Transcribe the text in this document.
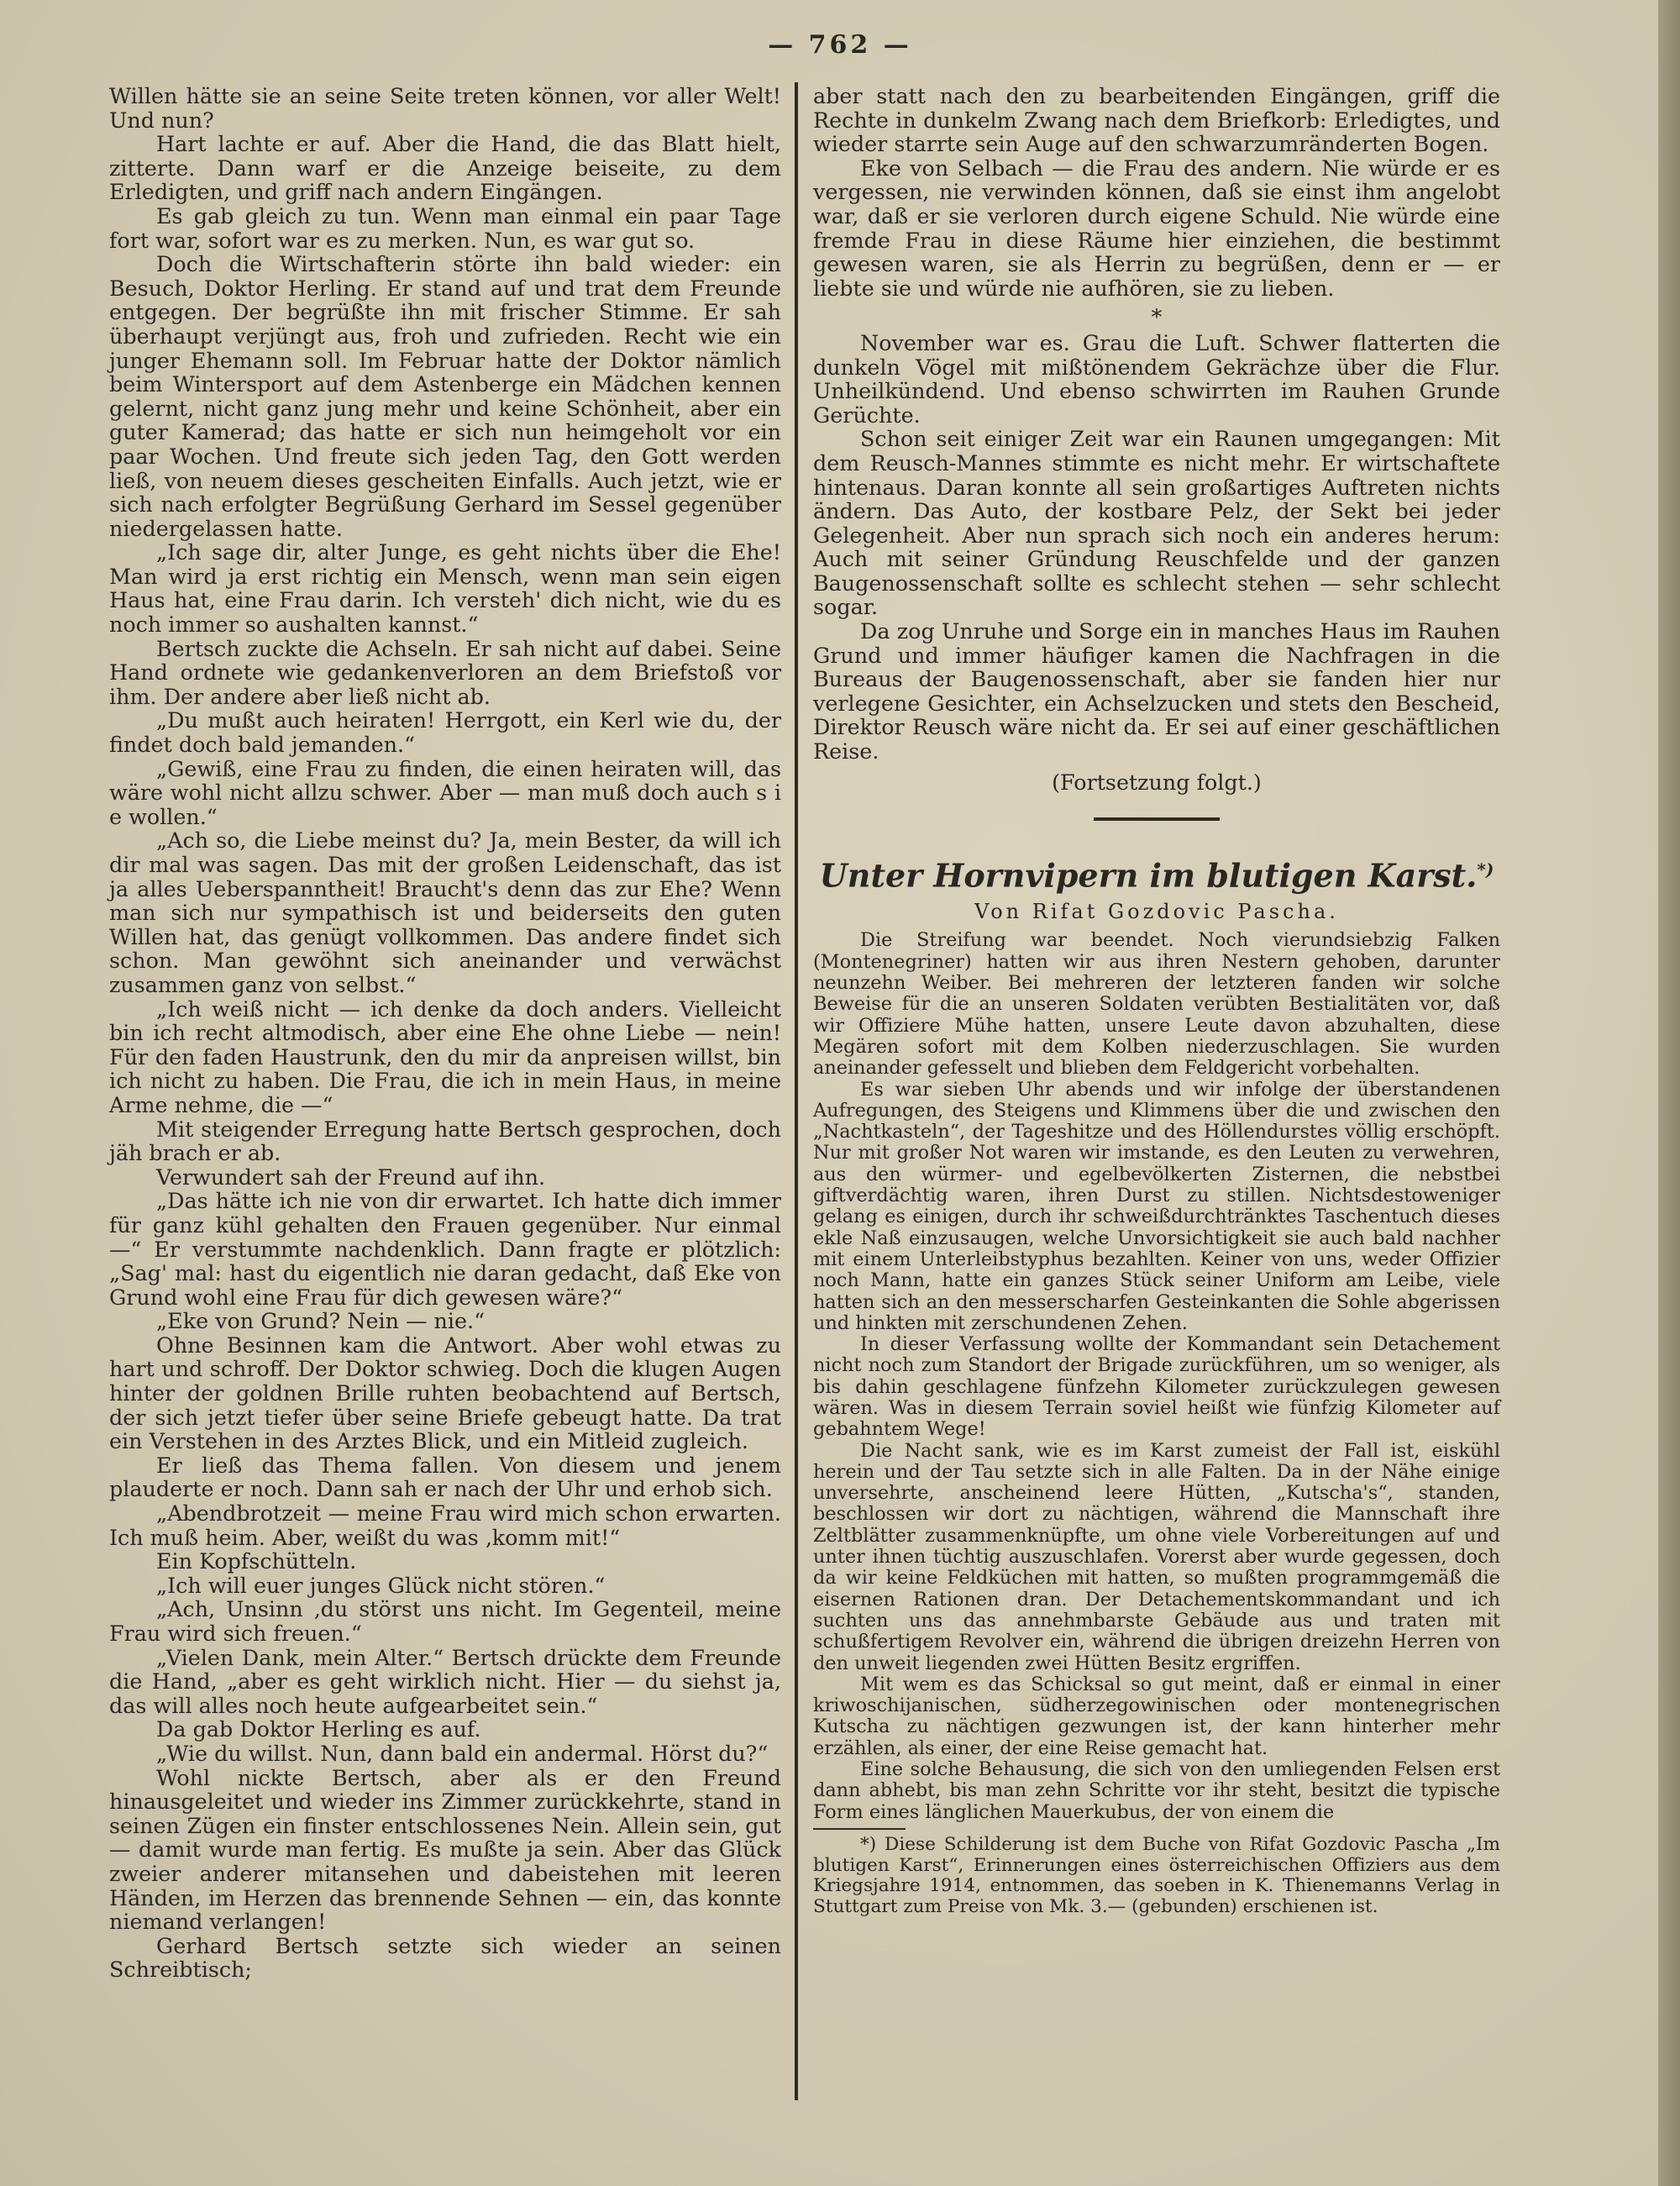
— 762 —

Willen hätte sie an seine Seite treten können, vor aller Welt! Und nun?

Hart lachte er auf. Aber die Hand, die das Blatt hielt, zitterte. Dann warf er die Anzeige beiseite, zu dem Erledigten, und griff nach andern Eingängen.

Es gab gleich zu tun. Wenn man einmal ein paar Tage fort war, sofort war es zu merken. Nun, es war gut so.

Doch die Wirtschafterin störte ihn bald wieder: ein Besuch, Doktor Herling. Er stand auf und trat dem Freunde entgegen. Der begrüßte ihn mit frischer Stimme. Er sah überhaupt verjüngt aus, froh und zufrieden. Recht wie ein junger Ehemann soll. Im Februar hatte der Doktor nämlich beim Wintersport auf dem Astenberge ein Mädchen kennen gelernt, nicht ganz jung mehr und keine Schönheit, aber ein guter Kamerad; das hatte er sich nun heimgeholt vor ein paar Wochen. Und freute sich jeden Tag, den Gott werden ließ, von neuem dieses gescheiten Einfalls. Auch jetzt, wie er sich nach erfolgter Begrüßung Gerhard im Sessel gegenüber niedergelassen hatte.

„Ich sage dir, alter Junge, es geht nichts über die Ehe! Man wird ja erst richtig ein Mensch, wenn man sein eigen Haus hat, eine Frau darin. Ich versteh' dich nicht, wie du es noch immer so aushalten kannst.“

Bertsch zuckte die Achseln. Er sah nicht auf dabei. Seine Hand ordnete wie gedankenverloren an dem Briefstoß vor ihm. Der andere aber ließ nicht ab.

„Du mußt auch heiraten! Herrgott, ein Kerl wie du, der findet doch bald jemanden.“

„Gewiß, eine Frau zu finden, die einen heiraten will, das wäre wohl nicht allzu schwer. Aber — man muß doch auch s i e wollen.“

„Ach so, die Liebe meinst du? Ja, mein Bester, da will ich dir mal was sagen. Das mit der großen Leidenschaft, das ist ja alles Ueberspanntheit! Braucht's denn das zur Ehe? Wenn man sich nur sympathisch ist und beiderseits den guten Willen hat, das genügt vollkommen. Das andere findet sich schon. Man gewöhnt sich aneinander und verwächst zusammen ganz von selbst.“

„Ich weiß nicht — ich denke da doch anders. Vielleicht bin ich recht altmodisch, aber eine Ehe ohne Liebe — nein! Für den faden Haustrunk, den du mir da anpreisen willst, bin ich nicht zu haben. Die Frau, die ich in mein Haus, in meine Arme nehme, die —“

Mit steigender Erregung hatte Bertsch gesprochen, doch jäh brach er ab.

Verwundert sah der Freund auf ihn.

„Das hätte ich nie von dir erwartet. Ich hatte dich immer für ganz kühl gehalten den Frauen gegenüber. Nur einmal —“ Er verstummte nachdenklich. Dann fragte er plötzlich: „Sag' mal: hast du eigentlich nie daran gedacht, daß Eke von Grund wohl eine Frau für dich gewesen wäre?“

„Eke von Grund? Nein — nie.“

Ohne Besinnen kam die Antwort. Aber wohl etwas zu hart und schroff. Der Doktor schwieg. Doch die klugen Augen hinter der goldnen Brille ruhten beobachtend auf Bertsch, der sich jetzt tiefer über seine Briefe gebeugt hatte. Da trat ein Verstehen in des Arztes Blick, und ein Mitleid zugleich.

Er ließ das Thema fallen. Von diesem und jenem plauderte er noch. Dann sah er nach der Uhr und erhob sich.

„Abendbrotzeit — meine Frau wird mich schon erwarten. Ich muß heim. Aber, weißt du was ‚komm mit!“

Ein Kopfschütteln.

„Ich will euer junges Glück nicht stören.“

„Ach, Unsinn ‚du störst uns nicht. Im Gegenteil, meine Frau wird sich freuen.“

„Vielen Dank, mein Alter.“ Bertsch drückte dem Freunde die Hand, „aber es geht wirklich nicht. Hier — du siehst ja, das will alles noch heute aufgearbeitet sein.“

Da gab Doktor Herling es auf.

„Wie du willst. Nun, dann bald ein andermal. Hörst du?“

Wohl nickte Bertsch, aber als er den Freund hinausgeleitet und wieder ins Zimmer zurückkehrte, stand in seinen Zügen ein finster entschlossenes Nein. Allein sein, gut — damit wurde man fertig. Es mußte ja sein. Aber das Glück zweier anderer mitansehen und dabeistehen mit leeren Händen, im Herzen das brennende Sehnen — ein, das konnte niemand verlangen!

Gerhard Bertsch setzte sich wieder an seinen Schreibtisch;

aber statt nach den zu bearbeitenden Eingängen, griff die Rechte in dunkelm Zwang nach dem Briefkorb: Erledigtes, und wieder starrte sein Auge auf den schwarzumränderten Bogen.

Eke von Selbach — die Frau des andern. Nie würde er es vergessen, nie verwinden können, daß sie einst ihm angelobt war, daß er sie verloren durch eigene Schuld. Nie würde eine fremde Frau in diese Räume hier einziehen, die bestimmt gewesen waren, sie als Herrin zu begrüßen, denn er — er liebte sie und würde nie aufhören, sie zu lieben.

*

November war es. Grau die Luft. Schwer flatterten die dunkeln Vögel mit mißtönendem Gekrächze über die Flur. Unheilkündend. Und ebenso schwirrten im Rauhen Grunde Gerüchte.

Schon seit einiger Zeit war ein Raunen umgegangen: Mit dem Reusch-Mannes stimmte es nicht mehr. Er wirtschaftete hintenaus. Daran konnte all sein großartiges Auftreten nichts ändern. Das Auto, der kostbare Pelz, der Sekt bei jeder Gelegenheit. Aber nun sprach sich noch ein anderes herum: Auch mit seiner Gründung Reuschfelde und der ganzen Baugenossenschaft sollte es schlecht stehen — sehr schlecht sogar.

Da zog Unruhe und Sorge ein in manches Haus im Rauhen Grund und immer häufiger kamen die Nachfragen in die Bureaus der Baugenossenschaft, aber sie fanden hier nur verlegene Gesichter, ein Achselzucken und stets den Bescheid, Direktor Reusch wäre nicht da. Er sei auf einer geschäftlichen Reise.

(Fortsetzung folgt.)
Unter Hornvipern im blutigen Karst.*)
Von Rifat Gozdovic Pascha.

Die Streifung war beendet. Noch vierundsiebzig Falken (Montenegriner) hatten wir aus ihren Nestern gehoben, darunter neunzehn Weiber. Bei mehreren der letzteren fanden wir solche Beweise für die an unseren Soldaten verübten Bestialitäten vor, daß wir Offiziere Mühe hatten, unsere Leute davon abzuhalten, diese Megären sofort mit dem Kolben niederzuschlagen. Sie wurden aneinander gefesselt und blieben dem Feldgericht vorbehalten.

Es war sieben Uhr abends und wir infolge der überstandenen Aufregungen, des Steigens und Klimmens über die und zwischen den „Nachtkasteln“, der Tageshitze und des Höllendurstes völlig erschöpft. Nur mit großer Not waren wir imstande, es den Leuten zu verwehren, aus den würmer- und egelbevölkerten Zisternen, die nebstbei giftverdächtig waren, ihren Durst zu stillen. Nichtsdestoweniger gelang es einigen, durch ihr schweißdurchtränktes Taschentuch dieses ekle Naß einzusaugen, welche Unvorsichtigkeit sie auch bald nachher mit einem Unterleibstyphus bezahlten. Keiner von uns, weder Offizier noch Mann, hatte ein ganzes Stück seiner Uniform am Leibe, viele hatten sich an den messerscharfen Gesteinkanten die Sohle abgerissen und hinkten mit zerschundenen Zehen.

In dieser Verfassung wollte der Kommandant sein Detachement nicht noch zum Standort der Brigade zurückführen, um so weniger, als bis dahin geschlagene fünfzehn Kilometer zurückzulegen gewesen wären. Was in diesem Terrain soviel heißt wie fünfzig Kilometer auf gebahntem Wege!

Die Nacht sank, wie es im Karst zumeist der Fall ist, eiskühl herein und der Tau setzte sich in alle Falten. Da in der Nähe einige unversehrte, anscheinend leere Hütten, „Kutscha's“, standen, beschlossen wir dort zu nächtigen, während die Mannschaft ihre Zeltblätter zusammenknüpfte, um ohne viele Vorbereitungen auf und unter ihnen tüchtig auszuschlafen. Vorerst aber wurde gegessen, doch da wir keine Feldküchen mit hatten, so mußten programmgemäß die eisernen Rationen dran. Der Detachementskommandant und ich suchten uns das annehmbarste Gebäude aus und traten mit schußfertigem Revolver ein, während die übrigen dreizehn Herren von den unweit liegenden zwei Hütten Besitz ergriffen.

Mit wem es das Schicksal so gut meint, daß er einmal in einer kriwoschijanischen, südherzegowinischen oder montenegrischen Kutscha zu nächtigen gezwungen ist, der kann hinterher mehr erzählen, als einer, der eine Reise gemacht hat.

Eine solche Behausung, die sich von den umliegenden Felsen erst dann abhebt, bis man zehn Schritte vor ihr steht, besitzt die typische Form eines länglichen Mauerkubus, der von einem die

*) Diese Schilderung ist dem Buche von Rifat Gozdovic Pascha „Im blutigen Karst“, Erinnerungen eines österreichischen Offiziers aus dem Kriegsjahre 1914, entnommen, das soeben in K. Thienemanns Verlag in Stuttgart zum Preise von Mk. 3.— (gebunden) erschienen ist.
